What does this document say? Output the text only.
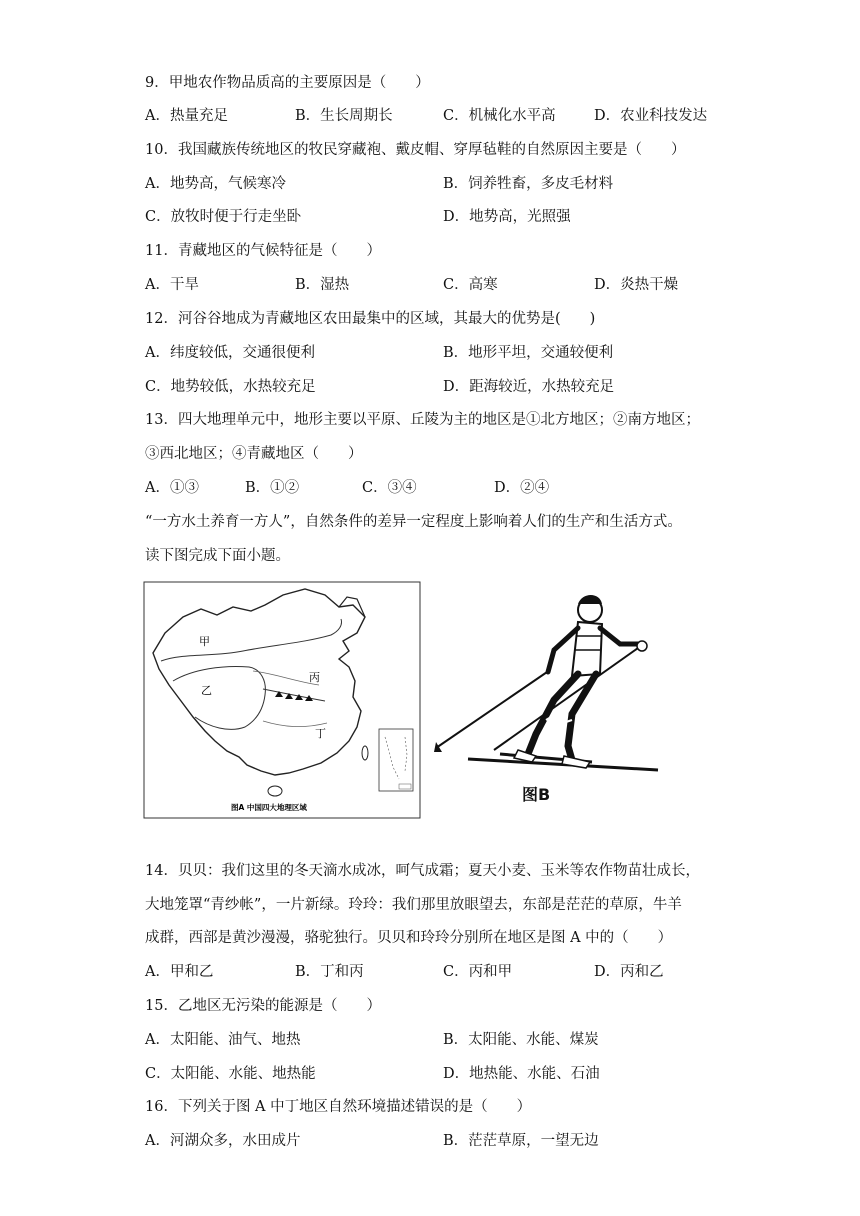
9．甲地农作物品质高的主要原因是（　　）
A．热量充足	B．生长周期长	C．机械化水平高	D．农业科技发达
10．我国藏族传统地区的牧民穿藏袍、戴皮帽、穿厚毡鞋的自然原因主要是（　　）
A．地势高，气候寒冷	B．饲养牲畜，多皮毛材料
C．放牧时便于行走坐卧	D．地势高，光照强
11．青藏地区的气候特征是（　　）
A．干旱	B．湿热	C．高寒	D．炎热干燥
12．河谷谷地成为青藏地区农田最集中的区域，其最大的优势是(　　)
A．纬度较低，交通很便利	B．地形平坦，交通较便利
C．地势较低，水热较充足	D．距海较近，水热较充足
13．四大地理单元中，地形主要以平原、丘陵为主的地区是①北方地区；②南方地区；
③西北地区；④青藏地区（　　）
A．①③	B．①②	C．③④	D．②④
“一方水土养育一方人”，自然条件的差异一定程度上影响着人们的生产和生活方式。
读下图完成下面小题。
甲
乙
丙
丁
图A 中国四大地理区域
图B
14．贝贝：我们这里的冬天滴水成冰，呵气成霜；夏天小麦、玉米等农作物苗壮成长，
大地笼罩“青纱帐”，一片新绿。玲玲：我们那里放眼望去，东部是茫茫的草原，牛羊
成群，西部是黄沙漫漫，骆驼独行。贝贝和玲玲分别所在地区是图 A 中的（　　）
A．甲和乙	B．丁和丙	C．丙和甲	D．丙和乙
15．乙地区无污染的能源是（　　）
A．太阳能、油气、地热	B．太阳能、水能、煤炭
C．太阳能、水能、地热能	D．地热能、水能、石油
16．下列关于图 A 中丁地区自然环境描述错误的是（　　）
A．河湖众多，水田成片	B．茫茫草原，一望无边
